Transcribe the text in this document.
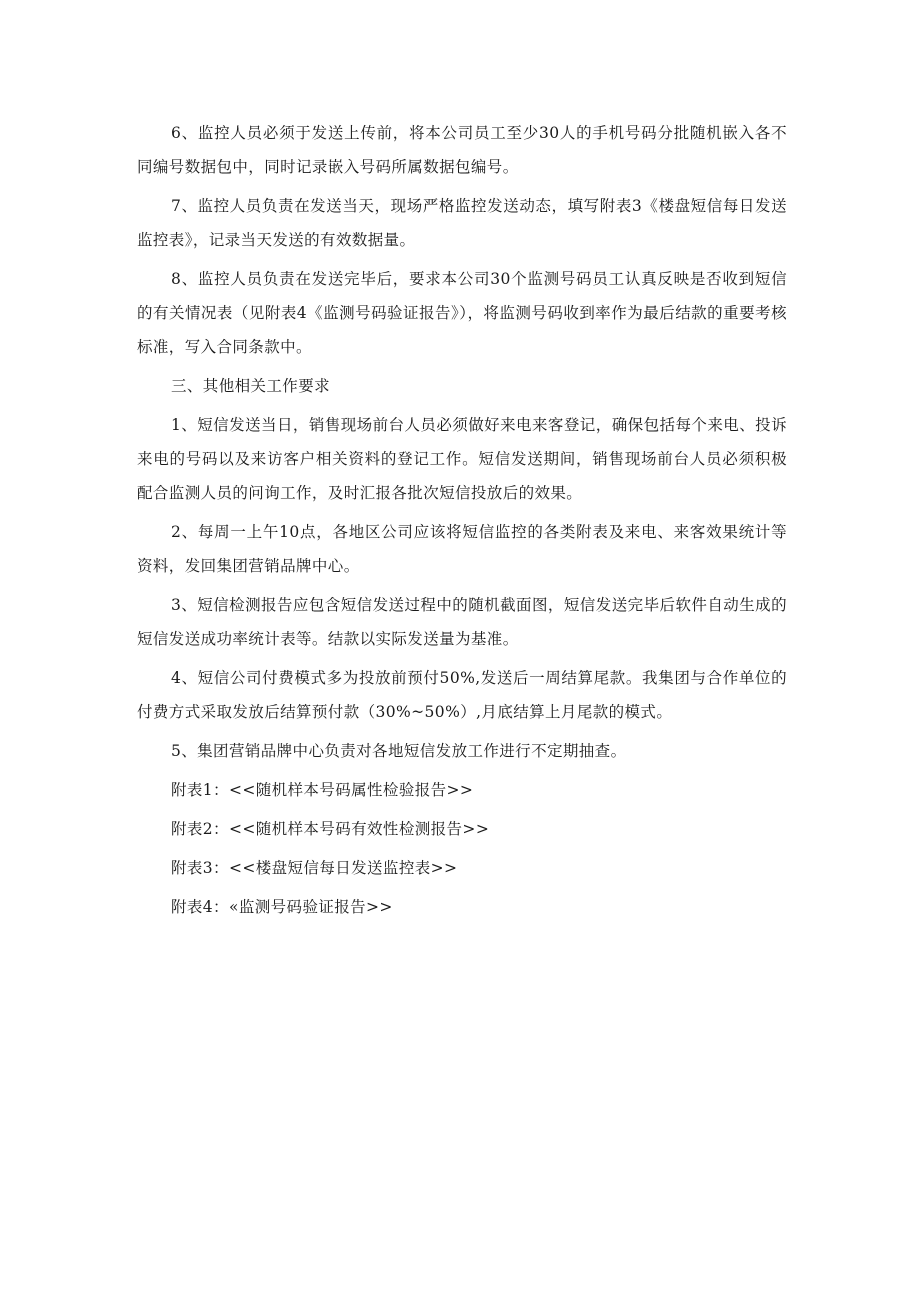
6、监控人员必须于发送上传前，将本公司员工至少30人的手机号码分批随机嵌入各不同编号数据包中，同时记录嵌入号码所属数据包编号。

7、监控人员负责在发送当天，现场严格监控发送动态，填写附表3《楼盘短信每日发送监控表》，记录当天发送的有效数据量。

8、监控人员负责在发送完毕后，要求本公司30个监测号码员工认真反映是否收到短信的有关情况表（见附表4《监测号码验证报告》），将监测号码收到率作为最后结款的重要考核标准，写入合同条款中。

三、其他相关工作要求

1、短信发送当日，销售现场前台人员必须做好来电来客登记，确保包括每个来电、投诉来电的号码以及来访客户相关资料的登记工作。短信发送期间，销售现场前台人员必须积极配合监测人员的问询工作，及时汇报各批次短信投放后的效果。

2、每周一上午10点，各地区公司应该将短信监控的各类附表及来电、来客效果统计等资料，发回集团营销品牌中心。

3、短信检测报告应包含短信发送过程中的随机截面图，短信发送完毕后软件自动生成的短信发送成功率统计表等。结款以实际发送量为基准。

4、短信公司付费模式多为投放前预付50%,发送后一周结算尾款。我集团与合作单位的付费方式采取发放后结算预付款（30%~50%）,月底结算上月尾款的模式。

5、集团营销品牌中心负责对各地短信发放工作进行不定期抽查。

附表1：<<随机样本号码属性检验报告>>

附表2：<<随机样本号码有效性检测报告>>

附表3：<<楼盘短信每日发送监控表>>

附表4：«监测号码验证报告>>
